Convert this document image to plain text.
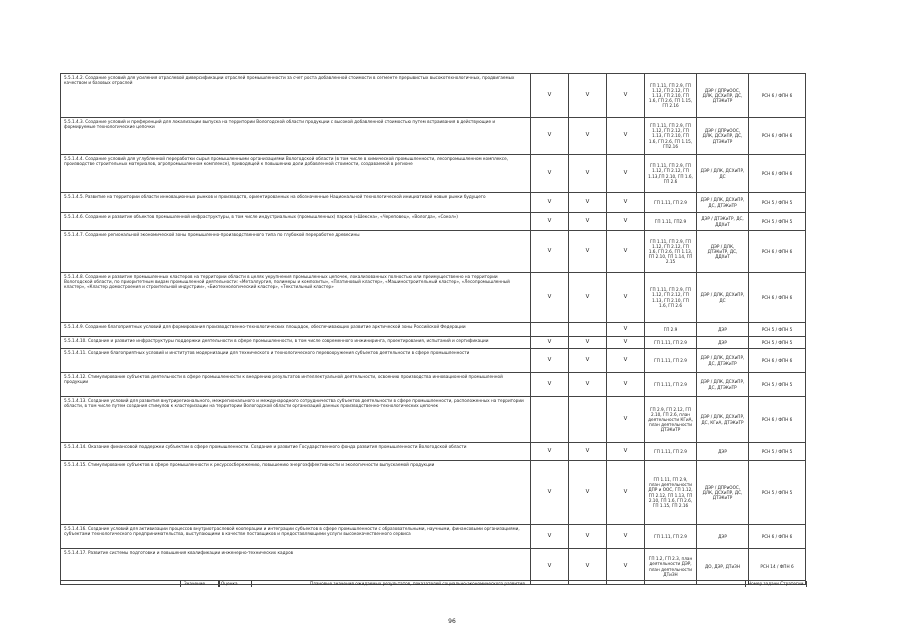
5.5.1.4.2. Создание условий для усиления отраслевой диверсификации отраслей промышленности за счет роста добавленной стоимости в сегменте прерывистых высокотехнологичных, продвигаемых качеством и базовых отраслей	V	V	V	ГП 1.11, ГП 2.9, ГП 1.12, ГП 2.12, ГП 1.13, ГП 2.10, ГП 1.6, ГП 2.6, ГП 1.15, ГП 2.16	ДЭР / ДПРиООС, ДЛК, ДСХиПР, ДС, ДТЭКиТР	РСН 6 / ФПН 6
5.5.1.4.3. Создание условий и преференций для локализации выпуска на территории Вологодской области продукции с высокой добавленной стоимостью путем встраивания в действующие и формируемые технологические цепочки	V	V	V	ГП 1.11, ГП 2.9, ГП 1.12, ГП 2.12, ГП 1.13, ГП 2.10, ГП 1.6, ГП 2.6, ГП 1.15, ГП2.16	ДЭР / ДПРиООС, ДЛК, ДСХиПР, ДС, ДТЭКиТР	РСН 6 / ФПН 6
5.5.1.4.4. Создание условий для углубленной переработки сырья промышленными организациями Вологодской области (в том числе в химической промышленности, лесопромышленном комплексе, производстве строительных материалов, агропромышленном комплексе), приводящей к повышению доли добавленной стоимости, создаваемой в регионе	V	V	V	ГП 1.11, ГП 2.9, ГП 1.12, ГП 2.12, ГП 1.13,ГП 2.10, ГП 1.6, ГП 2.6	ДЭР / ДЛК, ДСХиПР, ДС	РСН 6 / ФПН 6
5.5.1.4.5. Развитие на территории области инновационных рынков и производств, ориентированных на обозначенные Национальной технологической инициативой новые рынки будущего	V	V	V	ГП 1.11, ГП 2.9	ДЭР / ДЛК, ДСХиПР, ДС, ДТЭКиТР	РСН 5 / ФПН 5
5.5.1.4.6. Создание и развитие объектов промышленной инфраструктуры, в том числе индустриальных (промышленных) парков («Шексна», «Череповец», «Вологда», «Сокол»)	V	V	V	ГП 1.11, ГП2.9	ДЭР / ДТЭКиТР, ДС, ДДХиТ	РСН 5 / ФПН 5
5.5.1.4.7. Создание региональной экономической зоны промышленно-производственного типа по глубокой переработке древесины	V	V	V	ГП 1.11, ГП 2.9, ГП 1.12, ГП 2.12, ГП 1.6, ГП 2.6, ГП 1.13, ГП 2.10, ГП 1.14, ГП 2.15	ДЭР / ДЛК, ДТЭКиТР, ДС, ДДХиТ	РСН 6 / ФПН 6
5.5.1.4.8. Создание и развитие промышленных кластеров на территории области в целях укрупнения промышленных цепочек, локализованных полностью или преимущественно на территории Вологодской области, по приоритетным видам промышленной деятельности: «Металлургия, полимеры и композиты», «Платиновый кластер», «Машиностроительный кластер», «Лесопромышленный кластер», «Кластер домостроения и строительной индустрии», «Биотехнологический кластер», «Текстильный кластер»	V	V	V	ГП 1.11, ГП 2.9, ГП 1.12, ГП 2.12, ГП 1.13, ГП 2.10, ГП 1.6, ГП 2.6	ДЭР / ДЛК, ДСХиПР, ДС	РСН 6 / ФПН 6
5.5.1.4.9. Создание благоприятных условий для формирования производственно-технологических площадок, обеспечивающих развитие арктической зоны Российской Федерации			V	ГП 2.9	ДЭР	РСН 5 / ФПН 5
5.5.1.4.10. Создание и развитие инфраструктуры поддержки деятельности в сфере промышленности, в том числе современного инжиниринга, проектирования, испытаний и сертификации	V	V	V	ГП 1.11, ГП 2.9	ДЭР	РСН 5 / ФПН 5
5.5.1.4.11. Создание благоприятных условий и институтов модернизации для технического и технологического перевооружения субъектов деятельности в сфере промышленности	V	V	V	ГП 1.11, ГП 2.9	ДЭР / ДЛК, ДСХиПР, ДС, ДТЭКиТР	РСН 6 / ФПН 6
5.5.1.4.12. Стимулирование субъектов деятельности в сфере промышленности к внедрению результатов интеллектуальной деятельности, освоению производства инновационной промышленной продукции	V	V	V	ГП 1.11, ГП 2.9	ДЭР / ДЛК, ДСХиПР, ДС, ДТЭКиТР	РСН 5 / ФПН 5
5.5.1.4.13. Создание условий для развития внутрирегионального, межрегионального и международного сотрудничества субъектов деятельности в сфере промышленности, расположенных на территории области, в том числе путем создания стимулов к кластеризации на территории Вологодской области организаций данных производственно-технологических цепочек			V	ГП 2.9, ГП 2.12, ГП 2.10, ГП 2.6, план деятельности КГиА, план деятельности ДТЭКиТР	ДЭР / ДЛК, ДСХиПР, ДС, КГиА, ДТЭКиТР	РСН 6 / ФПН 6
5.5.1.4.14. Оказание финансовой поддержки субъектам в сфере промышленности. Создание и развитие Государственного фонда развития промышленности Вологодской области	V	V	V	ГП 1.11, ГП 2.9	ДЭР	РСН 5 / ФПН 5
5.5.1.4.15. Стимулирование субъектов в сфере промышленности к ресурсосбережению, повышению энергоэффективности и экологичности выпускаемой продукции	V	V	V	ГП 1.11, ГП 2.9, план деятельности ДПР и ООС, ГП 1.12, ГП 2.12, ГП 1.13, ГП 2.10, ГП 1.6, ГП 2.6, ГП 1.15, ГП 2.16	ДЭР / ДПРиООС, ДЛК, ДСХиПР, ДС, ДТЭКиТР	РСН 5 / ФПН 5
5.5.1.4.16. Создание условий для активизации процессов внутриотраслевой кооперации и интеграции субъектов в сфере промышленности с образовательными, научными, финансовыми организациями, субъектами технологического предпринимательства, выступающими в качестве поставщиков и предоставляющими услуги высококачественного сервиса	V	V	V	ГП 1.11, ГП 2.9	ДЭР	РСН 6 / ФПН 6
5.5.1.4.17. Развитие системы подготовки и повышения квалификации инженерно-технических кадров	V	V	V	ГП 1.2, ГП 2.3, план деятельности ДЭР, план деятельности ДТиЗН	ДО, ДЭР, ДТиЗН	РСН 14 / ФПН 6
Значение	Оценка	Плановые значения ожидаемых результатов, показателей социально-экономического развития	Номер задачи Стратегии
96
